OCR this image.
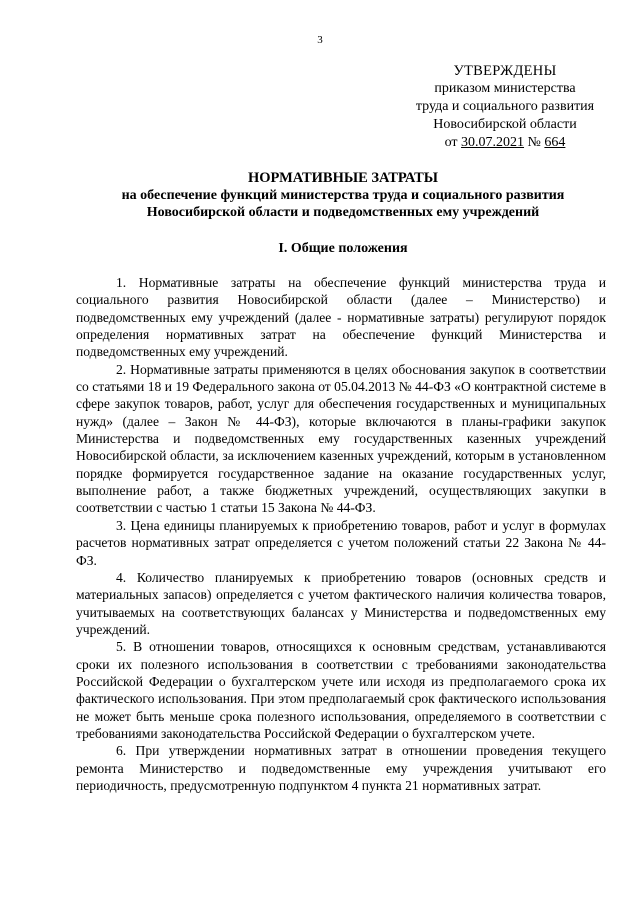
3
УТВЕРЖДЕНЫ
приказом министерства
труда и социального развития
Новосибирской области
от 30.07.2021 № 664
НОРМАТИВНЫЕ ЗАТРАТЫ
на обеспечение функций министерства труда и социального развития
Новосибирской области и подведомственных ему учреждений
I. Общие положения

1. Нормативные затраты на обеспечение функций министерства труда и социального развития Новосибирской области (далее – Министерство) и подведомственных ему учреждений (далее - нормативные затраты) регулируют порядок определения нормативных затрат на обеспечение функций Министерства и подведомственных ему учреждений.

2. Нормативные затраты применяются в целях обоснования закупок в соответствии со статьями 18 и 19 Федерального закона от 05.04.2013 № 44-ФЗ «О контрактной системе в сфере закупок товаров, работ, услуг для обеспечения государственных и муниципальных нужд» (далее – Закон № 44-ФЗ), которые включаются в планы-графики закупок Министерства и подведомственных ему государственных казенных учреждений Новосибирской области, за исключением казенных учреждений, которым в установленном порядке формируется государственное задание на оказание государственных услуг, выполнение работ, а также бюджетных учреждений, осуществляющих закупки в соответствии с частью 1 статьи 15 Закона № 44-ФЗ.

3. Цена единицы планируемых к приобретению товаров, работ и услуг в формулах расчетов нормативных затрат определяется с учетом положений статьи 22 Закона № 44-ФЗ.

4. Количество планируемых к приобретению товаров (основных средств и материальных запасов) определяется с учетом фактического наличия количества товаров, учитываемых на соответствующих балансах у Министерства и подведомственных ему учреждений.

5. В отношении товаров, относящихся к основным средствам, устанавливаются сроки их полезного использования в соответствии с требованиями законодательства Российской Федерации о бухгалтерском учете или исходя из предполагаемого срока их фактического использования. При этом предполагаемый срок фактического использования не может быть меньше срока полезного использования, определяемого в соответствии с требованиями законодательства Российской Федерации о бухгалтерском учете.

6. При утверждении нормативных затрат в отношении проведения текущего ремонта Министерство и подведомственные ему учреждения учитывают его периодичность, предусмотренную подпунктом 4 пункта 21 нормативных затрат.
